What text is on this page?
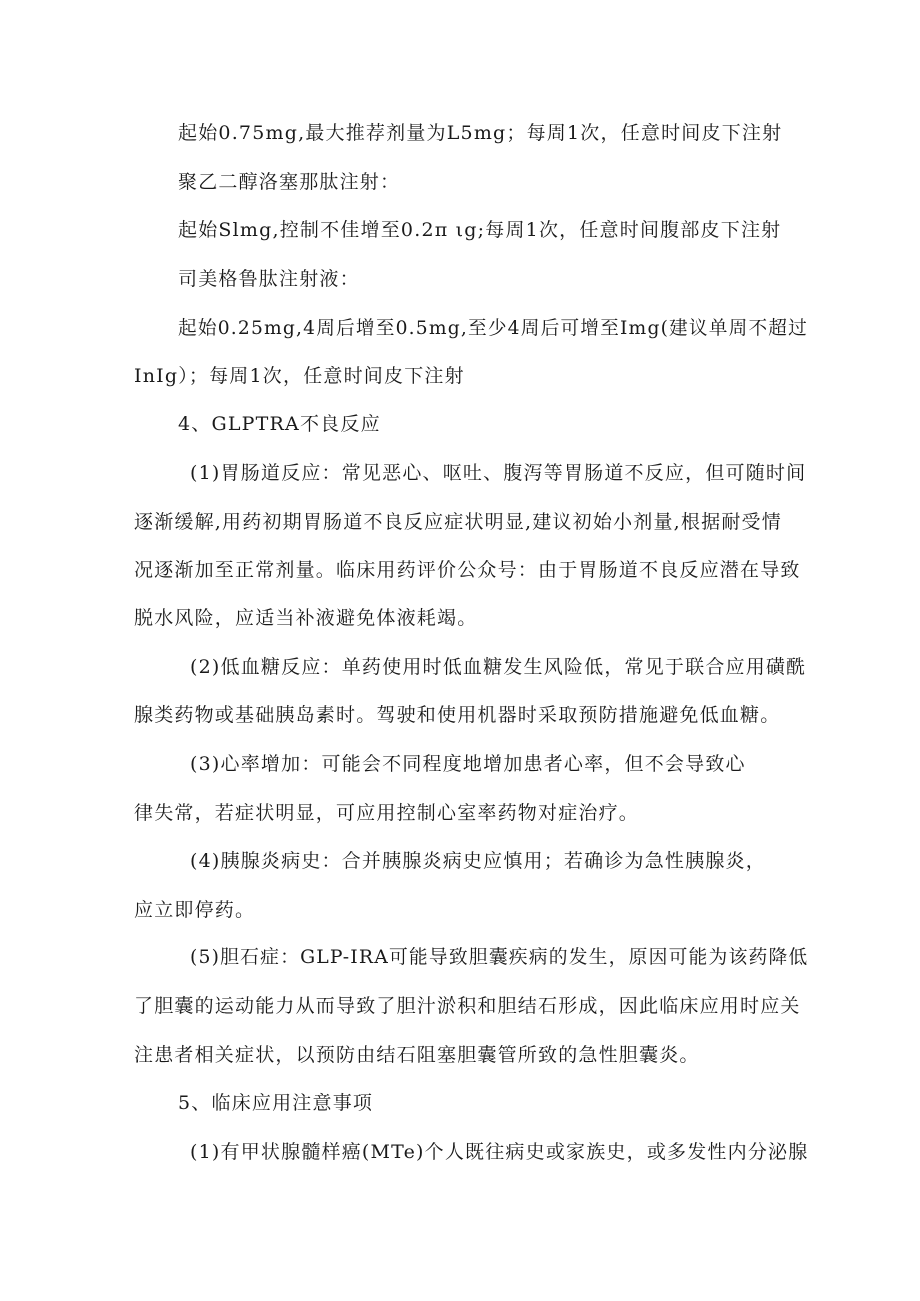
起始0.75mg,最大推荐剂量为L5mg；每周1次，任意时间皮下注射
聚乙二醇洛塞那肽注射：
起始Slmg,控制不佳增至0.2π ιg;每周1次，任意时间腹部皮下注射
司美格鲁肽注射液：
起始0.25mg,4周后增至0.5mg,至少4周后可增至Img(建议单周不超过
InIg）；每周1次，任意时间皮下注射
4、GLPTRA不良反应
(1)胃肠道反应：常见恶心、呕吐、腹泻等胃肠道不反应，但可随时间
逐渐缓解,用药初期胃肠道不良反应症状明显,建议初始小剂量,根据耐受情
况逐渐加至正常剂量。临床用药评价公众号：由于胃肠道不良反应潜在导致
脱水风险，应适当补液避免体液耗竭。
(2)低血糖反应：单药使用时低血糖发生风险低，常见于联合应用磺酰
腺类药物或基础胰岛素时。驾驶和使用机器时采取预防措施避免低血糖。
(3)心率增加：可能会不同程度地增加患者心率，但不会导致心
律失常，若症状明显，可应用控制心室率药物对症治疗。
(4)胰腺炎病史：合并胰腺炎病史应慎用；若确诊为急性胰腺炎，
应立即停药。
(5)胆石症：GLP-IRA可能导致胆囊疾病的发生，原因可能为该药降低
了胆囊的运动能力从而导致了胆汁淤积和胆结石形成，因此临床应用时应关
注患者相关症状，以预防由结石阻塞胆囊管所致的急性胆囊炎。
5、临床应用注意事项
(1)有甲状腺髓样癌(MTe)个人既往病史或家族史，或多发性内分泌腺
